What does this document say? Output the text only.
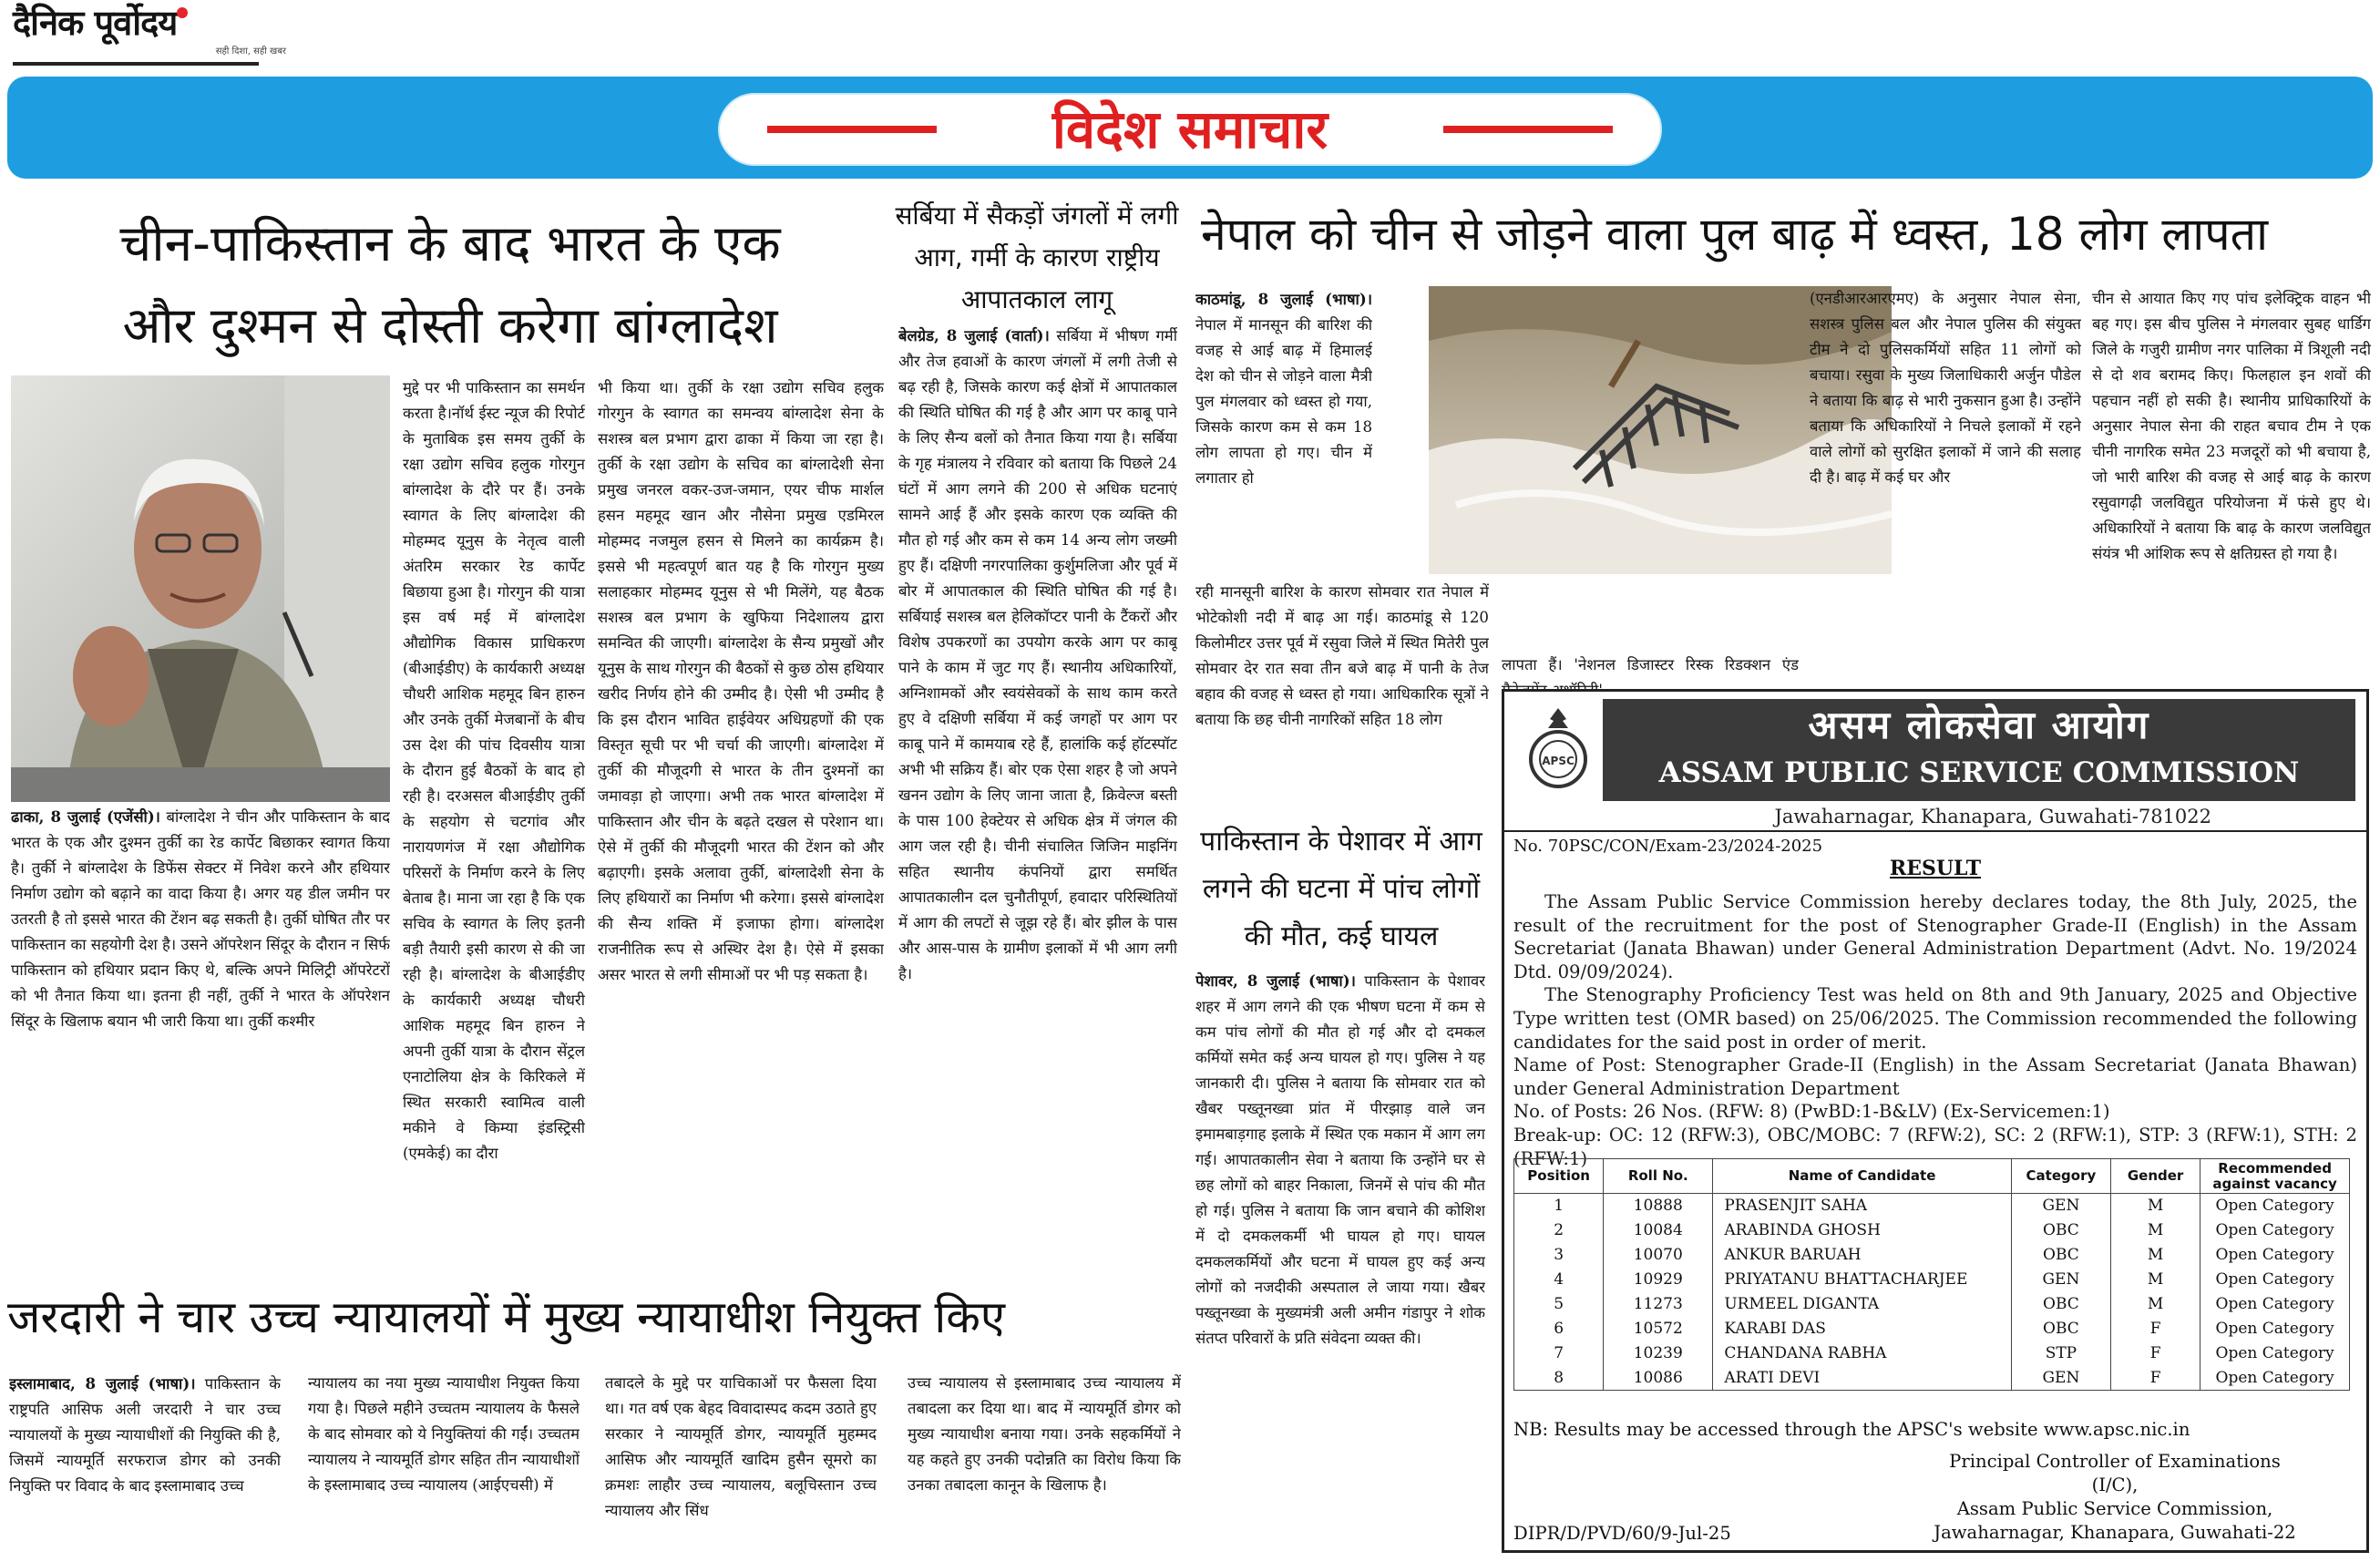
दैनिक पूर्वोदय
सही दिशा, सही खबर
विदेश समाचार
चीन-पाकिस्तान के बाद भारत के एक
और दुश्मन से दोस्ती करेगा बांग्लादेश
ढाका, 8 जुलाई (एजेंसी)। बांग्लादेश ने चीन और पाकिस्तान के बाद भारत के एक और दुश्मन तुर्की का रेड कार्पेट बिछाकर स्वागत किया है। तुर्की ने बांग्लादेश के डिफेंस सेक्टर में निवेश करने और हथियार निर्माण उद्योग को बढ़ाने का वादा किया है। अगर यह डील जमीन पर उतरती है तो इससे भारत की टेंशन बढ़ सकती है। तुर्की घोषित तौर पर पाकिस्तान का सहयोगी देश है। उसने ऑपरेशन सिंदूर के दौरान न सिर्फ पाकिस्तान को हथियार प्रदान किए थे, बल्कि अपने मिलिट्री ऑपरेटरों को भी तैनात किया था। इतना ही नहीं, तुर्की ने भारत के ऑपरेशन सिंदूर के खिलाफ बयान भी जारी किया था। तुर्की कश्मीर
मुद्दे पर भी पाकिस्तान का समर्थन करता है।नॉर्थ ईस्ट न्यूज की रिपोर्ट के मुताबिक इस समय तुर्की के रक्षा उद्योग सचिव हलुक गोरगुन बांग्लादेश के दौरे पर हैं। उनके स्वागत के लिए बांग्लादेश की मोहम्मद यूनुस के नेतृत्व वाली अंतरिम सरकार रेड कार्पेट बिछाया हुआ है। गोरगुन की यात्रा इस वर्ष मई में बांग्लादेश औद्योगिक विकास प्राधिकरण (बीआईडीए) के कार्यकारी अध्यक्ष चौधरी आशिक महमूद बिन हारुन और उनके तुर्की मेजबानों के बीच उस देश की पांच दिवसीय यात्रा के दौरान हुई बैठकों के बाद हो रही है। दरअसल बीआईडीए तुर्की के सहयोग से चटगांव और नारायणगंज में रक्षा औद्योगिक परिसरों के निर्माण करने के लिए बेताब है। माना जा रहा है कि एक सचिव के स्वागत के लिए इतनी बड़ी तैयारी इसी कारण से की जा रही है। बांग्लादेश के बीआईडीए के कार्यकारी अध्यक्ष चौधरी आशिक महमूद बिन हारुन ने अपनी तुर्की यात्रा के दौरान सेंट्रल एनाटोलिया क्षेत्र के किरिकले में स्थित सरकारी स्वामित्व वाली मकीने वे किम्या इंडस्ट्रिसी (एमकेई) का दौरा
भी किया था। तुर्की के रक्षा उद्योग सचिव हलुक गोरगुन के स्वागत का समन्वय बांग्लादेश सेना के सशस्त्र बल प्रभाग द्वारा ढाका में किया जा रहा है। तुर्की के रक्षा उद्योग के सचिव का बांग्लादेशी सेना प्रमुख जनरल वकर-उज-जमान, एयर चीफ मार्शल हसन महमूद खान और नौसेना प्रमुख एडमिरल मोहम्मद नजमुल हसन से मिलने का कार्यक्रम है। इससे भी महत्वपूर्ण बात यह है कि गोरगुन मुख्य सलाहकार मोहम्मद यूनुस से भी मिलेंगे, यह बैठक सशस्त्र बल प्रभाग के खुफिया निदेशालय द्वारा समन्वित की जाएगी। बांग्लादेश के सैन्य प्रमुखों और यूनुस के साथ गोरगुन की बैठकों से कुछ ठोस हथियार खरीद निर्णय होने की उम्मीद है। ऐसी भी उम्मीद है कि इस दौरान भावित हाईवेयर अधिग्रहणों की एक विस्तृत सूची पर भी चर्चा की जाएगी। बांग्लादेश में तुर्की की मौजूदगी से भारत के तीन दुश्मनों का जमावड़ा हो जाएगा। अभी तक भारत बांग्लादेश में पाकिस्तान और चीन के बढ़ते दखल से परेशान था। ऐसे में तुर्की की मौजूदगी भारत की टेंशन को और बढ़ाएगी। इसके अलावा तुर्की, बांग्लादेशी सेना के लिए हथियारों का निर्माण भी करेगा। इससे बांग्लादेश की सैन्य शक्ति में इजाफा होगा। बांग्लादेश राजनीतिक रूप से अस्थिर देश है। ऐसे में इसका असर भारत से लगी सीमाओं पर भी पड़ सकता है।
सर्बिया में सैकड़ों जंगलों में लगी आग, गर्मी के कारण राष्ट्रीय आपातकाल लागू
बेलग्रेड, 8 जुलाई (वार्ता)। सर्बिया में भीषण गर्मी और तेज हवाओं के कारण जंगलों में लगी तेजी से बढ़ रही है, जिसके कारण कई क्षेत्रों में आपातकाल की स्थिति घोषित की गई है और आग पर काबू पाने के लिए सैन्य बलों को तैनात किया गया है। सर्बिया के गृह मंत्रालय ने रविवार को बताया कि पिछले 24 घंटों में आग लगने की 200 से अधिक घटनाएं सामने आई हैं और इसके कारण एक व्यक्ति की मौत हो गई और कम से कम 14 अन्य लोग जख्मी हुए हैं। दक्षिणी नगरपालिका कुर्शुमलिजा और पूर्व में बोर में आपातकाल की स्थिति घोषित की गई है। सर्बियाई सशस्त्र बल हेलिकॉप्टर पानी के टैंकरों और विशेष उपकरणों का उपयोग करके आग पर काबू पाने के काम में जुट गए हैं। स्थानीय अधिकारियों, अग्निशामकों और स्वयंसेवकों के साथ काम करते हुए वे दक्षिणी सर्बिया में कई जगहों पर आग पर काबू पाने में कामयाब रहे हैं, हालांकि कई हॉटस्पॉट अभी भी सक्रिय हैं। बोर एक ऐसा शहर है जो अपने खनन उद्योग के लिए जाना जाता है, क्रिवेल्ज बस्ती के पास 100 हेक्टेयर से अधिक क्षेत्र में जंगल की आग जल रही है। चीनी संचालित जिजिन माइनिंग सहित स्थानीय कंपनियों द्वारा समर्थित आपातकालीन दल चुनौतीपूर्ण, हवादार परिस्थितियों में आग की लपटों से जूझ रहे हैं। बोर झील के पास और आस-पास के ग्रामीण इलाकों में भी आग लगी है।
नेपाल को चीन से जोड़ने वाला पुल बाढ़ में ध्वस्त, 18 लोग लापता
काठमांडू, 8 जुलाई (भाषा)। नेपाल में मानसून की बारिश की वजह से आई बाढ़ में हिमालई देश को चीन से जोड़ने वाला मैत्री पुल मंगलवार को ध्वस्त हो गया, जिसके कारण कम से कम 18 लोग लापता हो गए। चीन में लगातार हो
रही मानसूनी बारिश के कारण सोमवार रात नेपाल में भोटेकोशी नदी में बाढ़ आ गई। काठमांडू से 120 किलोमीटर उत्तर पूर्व में रसुवा जिले में स्थित मितेरी पुल सोमवार देर रात सवा तीन बजे बाढ़ में पानी के तेज बहाव की वजह से ध्वस्त हो गया। आधिकारिक सूत्रों ने बताया कि छह चीनी नागरिकों सहित 18 लोग
लापता हैं। 'नेशनल डिजास्टर रिस्क रिडक्शन एंड
(एनडीआरआरएमए) के अनुसार नेपाल सेना, सशस्त्र पुलिस बल और नेपाल पुलिस की संयुक्त टीम ने दो पुलिसकर्मियों सहित 11 लोगों को बचाया। रसुवा के मुख्य जिलाधिकारी अर्जुन पौडेल ने बताया कि बाढ़ से भारी नुकसान हुआ है। उन्होंने बताया कि अधिकारियों ने निचले इलाकों में रहने वाले लोगों को सुरक्षित इलाकों में जाने की सलाह दी है। बाढ़ में कई घर और
चीन से आयात किए गए पांच इलेक्ट्रिक वाहन भी बह गए। इस बीच पुलिस ने मंगलवार सुबह धार्डिग जिले के गजुरी ग्रामीण नगर पालिका में त्रिशूली नदी से दो शव बरामद किए। फिलहाल इन शवों की पहचान नहीं हो सकी है। स्थानीय प्राधिकारियों के अनुसार नेपाल सेना की राहत बचाव टीम ने एक चीनी नागरिक समेत 23 मजदूरों को भी बचाया है, जो भारी बारिश की वजह से आई बाढ़ के कारण रसुवागढ़ी जलविद्युत परियोजना में फंसे हुए थे। अधिकारियों ने बताया कि बाढ़ के कारण जलविद्युत संयंत्र भी आंशिक रूप से क्षतिग्रस्त हो गया है।
पाकिस्तान के पेशावर में आग लगने की घटना में पांच लोगों की मौत, कई घायल
पेशावर, 8 जुलाई (भाषा)। पाकिस्तान के पेशावर शहर में आग लगने की एक भीषण घटना में कम से कम पांच लोगों की मौत हो गई और दो दमकल कर्मियों समेत कई अन्य घायल हो गए। पुलिस ने यह जानकारी दी। पुलिस ने बताया कि सोमवार रात को खैबर पख्तूनख्वा प्रांत में पीरझाड़ वाले जन इमामबाड़गाह इलाके में स्थित एक मकान में आग लग गई। आपातकालीन सेवा ने बताया कि उन्होंने घर से छह लोगों को बाहर निकाला, जिनमें से पांच की मौत हो गई। पुलिस ने बताया कि जान बचाने की कोशिश में दो दमकलकर्मी भी घायल हो गए। घायल दमकलकर्मियों और घटना में घायल हुए कई अन्य लोगों को नजदीकी अस्पताल ले जाया गया। खैबर पख्तूनख्वा के मुख्यमंत्री अली अमीन गंडापुर ने शोक संतप्त परिवारों के प्रति संवेदना व्यक्त की।
जरदारी ने चार उच्च न्यायालयों में मुख्य न्यायाधीश नियुक्त किए
इस्लामाबाद, 8 जुलाई (भाषा)। पाकिस्तान के राष्ट्रपति आसिफ अली जरदारी ने चार उच्च न्यायालयों के मुख्य न्यायाधीशों की नियुक्ति की है, जिसमें न्यायमूर्ति सरफराज डोगर को उनकी नियुक्ति पर विवाद के बाद इस्लामाबाद उच्च
न्यायालय का नया मुख्य न्यायाधीश नियुक्त किया गया है। पिछले महीने उच्चतम न्यायालय के फैसले के बाद सोमवार को ये नियुक्तियां की गईं। उच्चतम न्यायालय ने न्यायमूर्ति डोगर सहित तीन न्यायाधीशों के इस्लामाबाद उच्च न्यायालय (आईएचसी) में
तबादले के मुद्दे पर याचिकाओं पर फैसला दिया था। गत वर्ष एक बेहद विवादास्पद कदम उठाते हुए सरकार ने न्यायमूर्ति डोगर, न्यायमूर्ति मुहम्मद आसिफ और न्यायमूर्ति खादिम हुसैन सूमरो का क्रमशः लाहौर उच्च न्यायालय, बलूचिस्तान उच्च न्यायालय और सिंध
उच्च न्यायालय से इस्लामाबाद उच्च न्यायालय में तबादला कर दिया था। बाद में न्यायमूर्ति डोगर को मुख्य न्यायाधीश बनाया गया। उनके सहकर्मियों ने यह कहते हुए उनकी पदोन्नति का विरोध किया कि उनका तबादला कानून के खिलाफ है।
APSC
असम लोकसेवा आयोग
ASSAM PUBLIC SERVICE COMMISSION
Jawaharnagar, Khanapara, Guwahati-781022
No. 70PSC/CON/Exam-23/2024-2025
RESULT

The Assam Public Service Commission hereby declares today, the 8th July, 2025, the result of the recruitment for the post of Stenographer Grade-II (English) in the Assam Secretariat (Janata Bhawan) under General Administration Department (Advt. No. 19/2024 Dtd. 09/09/2024).

The Stenography Proficiency Test was held on 8th and 9th January, 2025 and Objective Type written test (OMR based) on 25/06/2025. The Commission recommended the following candidates for the said post in order of merit.

Name of Post: Stenographer Grade-II (English) in the Assam Secretariat (Janata Bhawan) under General Administration Department

No. of Posts: 26 Nos. (RFW: 8) (PwBD:1-B&LV) (Ex-Servicemen:1)

Break-up: OC: 12 (RFW:3), OBC/MOBC: 7 (RFW:2), SC: 2 (RFW:1), STP: 3 (RFW:1), STH: 2 (RFW:1)

Position	Roll No.	Name of Candidate	Category	Gender	Recommended against vacancy
1	10888	PRASENJIT SAHA	GEN	M	Open Category
2	10084	ARABINDA GHOSH	OBC	M	Open Category
3	10070	ANKUR BARUAH	OBC	M	Open Category
4	10929	PRIYATANU BHATTACHARJEE	GEN	M	Open Category
5	11273	URMEEL DIGANTA	OBC	M	Open Category
6	10572	KARABI DAS	OBC	F	Open Category
7	10239	CHANDANA RABHA	STP	F	Open Category
8	10086	ARATI DEVI	GEN	F	Open Category
NB: Results may be accessed through the APSC's website www.apsc.nic.in
Principal Controller of Examinations (I/C),
Assam Public Service Commission,
Jawaharnagar, Khanapara, Guwahati-22
DIPR/D/PVD/60/9-Jul-25
